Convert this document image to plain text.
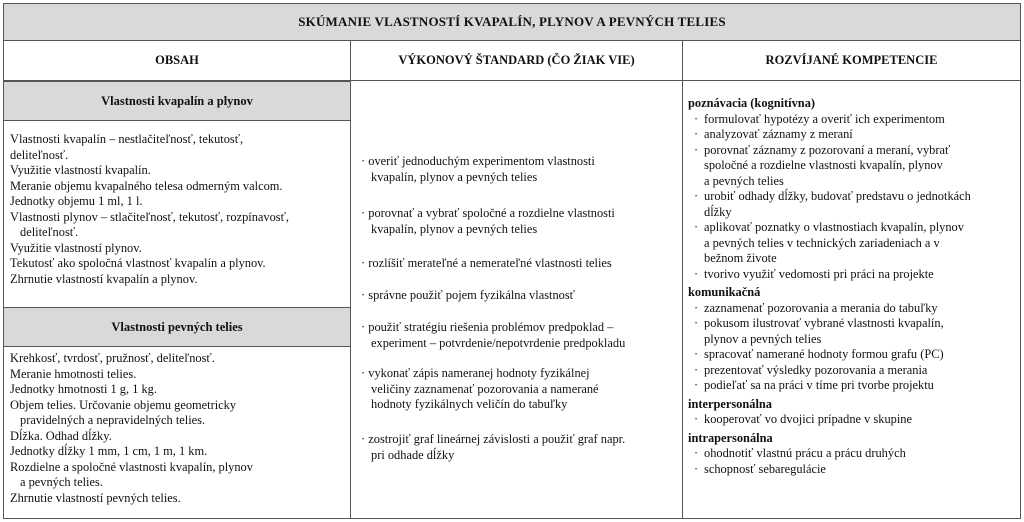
SKÚMANIE VLASTNOSTÍ KVAPALÍN, PLYNOV A PEVNÝCH TELIES
OBSAH	VÝKONOVÝ ŠTANDARD (ČO ŽIAK VIE)	ROZVÍJANÉ KOMPETENCIE
Vlastnosti kvapalín a plynov
Vlastnosti kvapalín – nestlačiteľnosť, tekutosť,
deliteľnosť.
Využitie vlastností kvapalín.
Meranie objemu kvapalného telesa odmerným valcom.
Jednotky objemu 1 ml, 1 l.
Vlastnosti plynov – stlačiteľnosť, tekutosť, rozpínavosť,
deliteľnosť.
Využitie vlastností plynov.
Tekutosť ako spoločná vlastnosť kvapalín a plynov.
Zhrnutie vlastností kvapalín a plynov.
Vlastnosti pevných telies
Krehkosť, tvrdosť, pružnosť, deliteľnosť.
Meranie hmotnosti telies.
Jednotky hmotnosti 1 g, 1 kg.
Objem telies. Určovanie objemu geometricky
pravidelných a nepravidelných telies.
Dĺžka. Odhad dĺžky.
Jednotky dĺžky 1 mm, 1 cm, 1 m, 1 km.
Rozdielne a spoločné vlastnosti kvapalín, plynov
a pevných telies.
Zhrnutie vlastností pevných telies.
· overiť jednoduchým experimentom vlastnosti
kvapalín, plynov a pevných telies
· porovnať a vybrať spoločné a rozdielne vlastnosti
kvapalín, plynov a pevných telies
· rozlíšiť merateľné a nemerateľné vlastnosti telies
· správne použiť pojem fyzikálna vlastnosť
· použiť stratégiu riešenia problémov predpoklad –
experiment – potvrdenie/nepotvrdenie predpokladu
· vykonať zápis nameranej hodnoty fyzikálnej
veličiny zaznamenať pozorovania a namerané
hodnoty fyzikálnych veličín do tabuľky
· zostrojiť graf lineárnej závislosti a použiť graf napr.
pri odhade dĺžky
poznávacia (kognitívna)
· formulovať hypotézy a overiť ich experimentom
· analyzovať záznamy z meraní
· porovnať záznamy z pozorovaní a meraní, vybrať
spoločné a rozdielne vlastnosti kvapalín, plynov
a pevných telies
· urobiť odhady dĺžky, budovať predstavu o jednotkách
dĺžky
· aplikovať poznatky o vlastnostiach kvapalín, plynov
a pevných telies v technických zariadeniach a v
bežnom živote
· tvorivo využiť vedomosti pri práci na projekte
komunikačná
· zaznamenať pozorovania a merania do tabuľky
· pokusom ilustrovať vybrané vlastnosti kvapalín,
plynov a pevných telies
· spracovať namerané hodnoty formou grafu (PC)
· prezentovať výsledky pozorovania a merania
· podieľať sa na práci v tíme pri tvorbe projektu
interpersonálna
· kooperovať vo dvojici prípadne v skupine
intrapersonálna
· ohodnotiť vlastnú prácu a prácu druhých
· schopnosť sebaregulácie
